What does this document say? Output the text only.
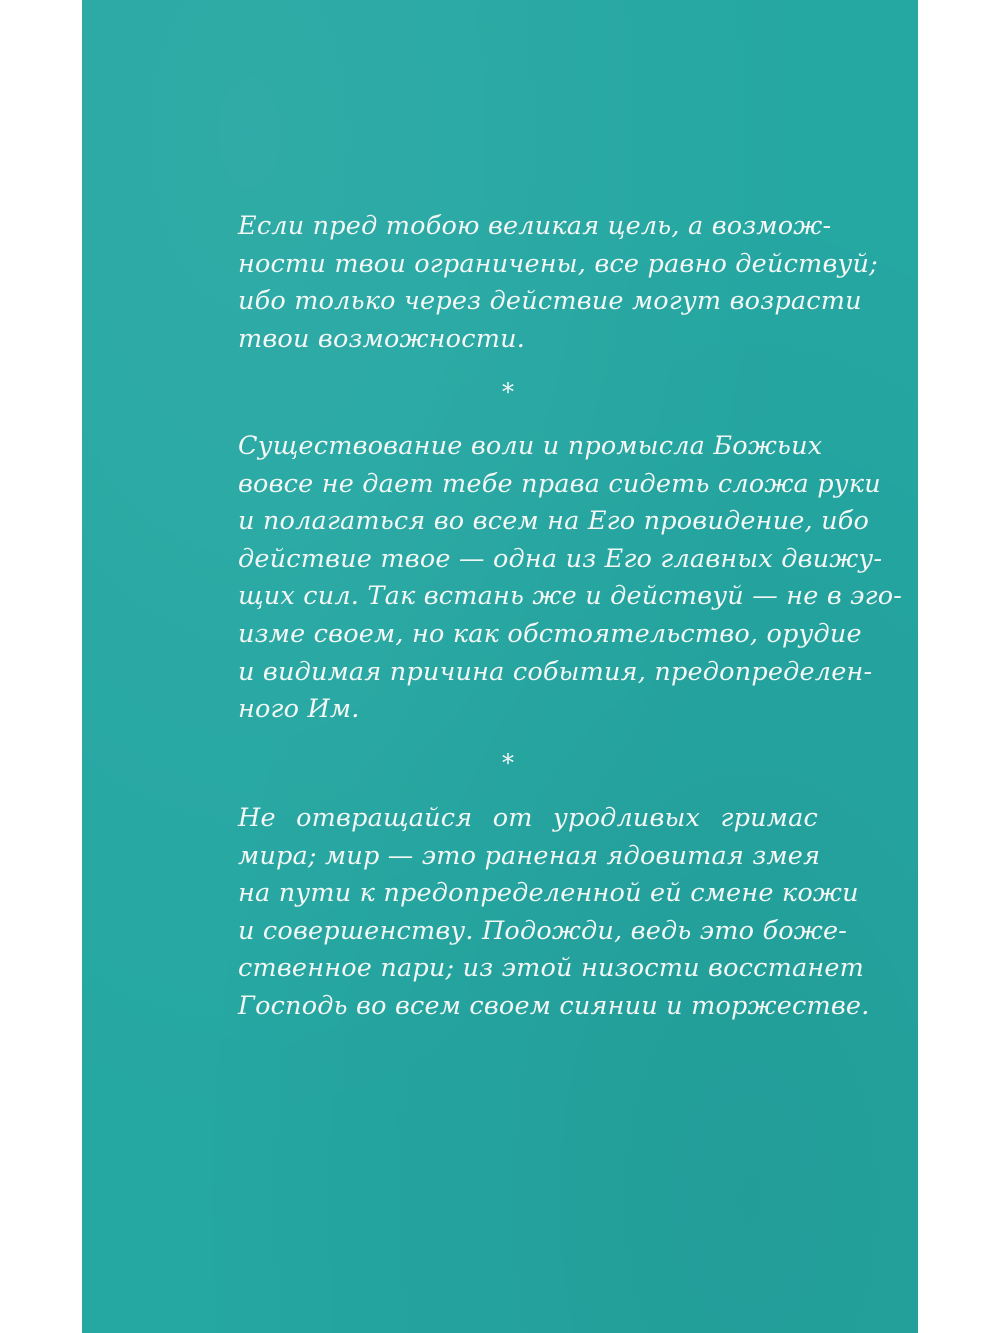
Если пред тобою великая цель, а возмож-
ности твои ограничены, все равно действуй;
ибо только через действие могут возрасти
твои возможности.
*
Существование воли и промысла Божьих
вовсе не дает тебе права сидеть сложа руки
и полагаться во всем на Его провидение, ибо
действие твое — одна из Его главных движу-
щих сил. Так встань же и действуй — не в эго-
изме своем, но как обстоятельство, орудие
и видимая причина события, предопределен-
ного Им.
*
Не отвращайся от уродливых гримас
мира; мир — это раненая ядовитая змея
на пути к предопределенной ей смене кожи
и совершенству. Подожди, ведь это боже-
ственное пари; из этой низости восстанет
Господь во всем своем сиянии и торжестве.
